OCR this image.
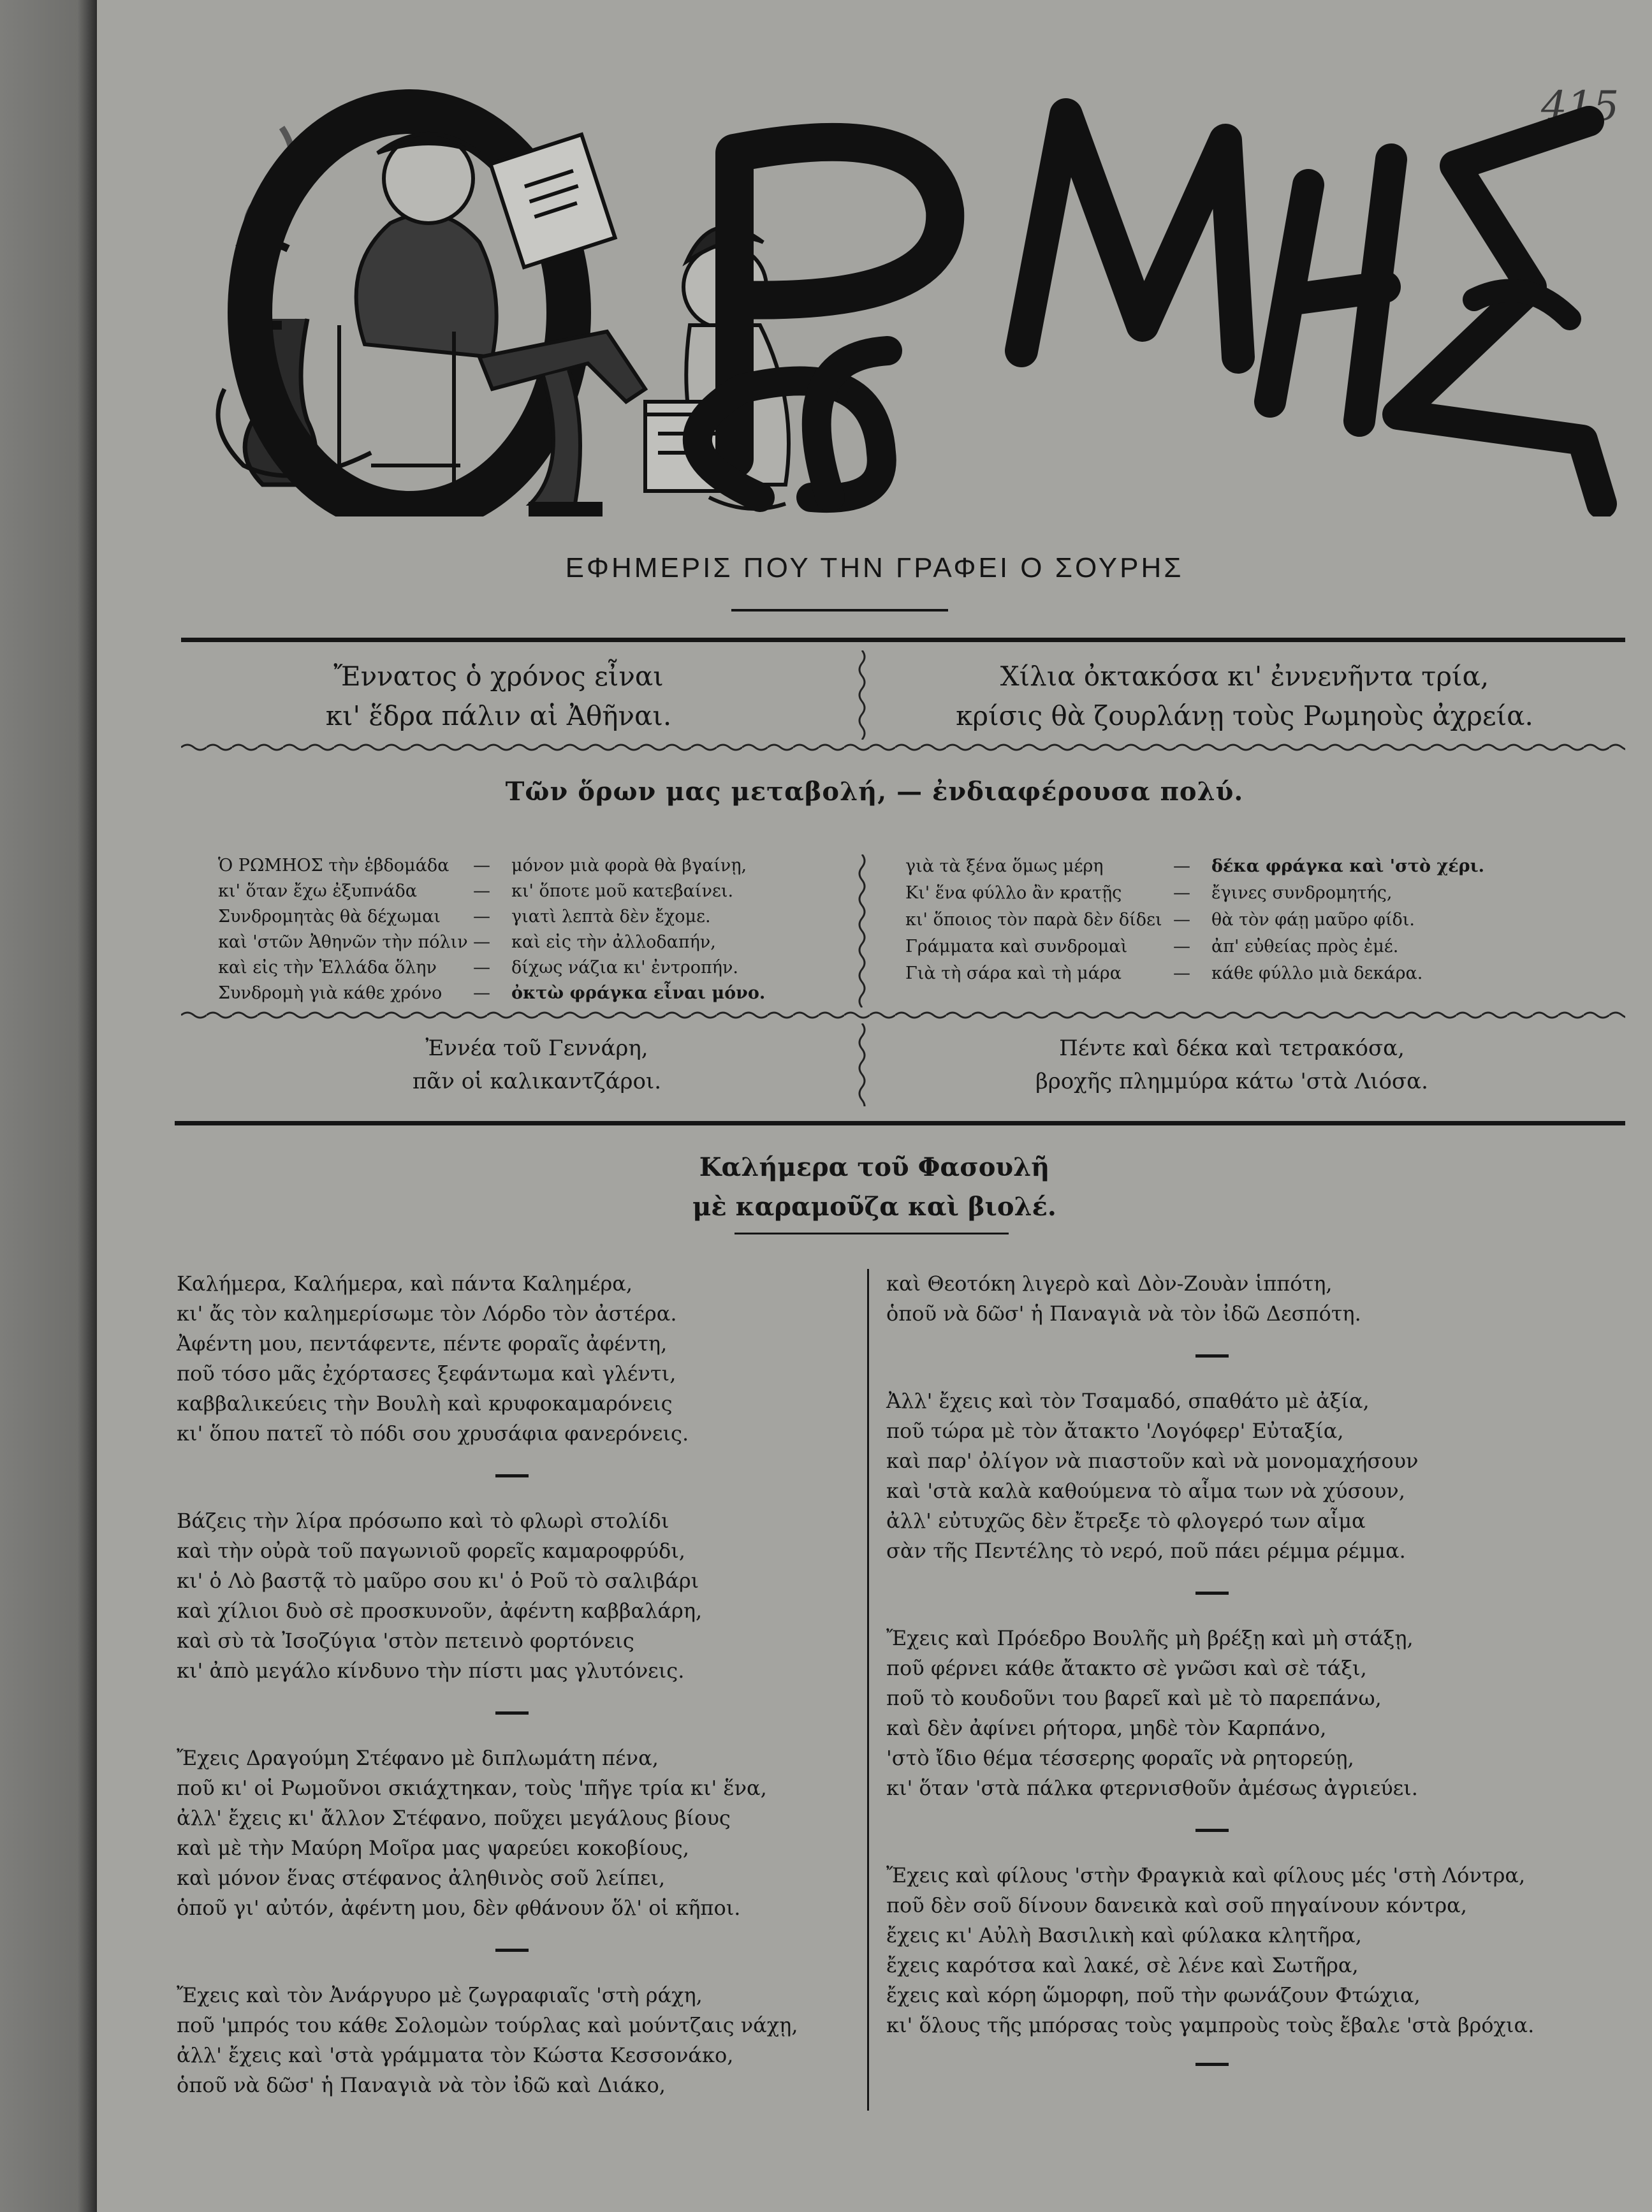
415
ΕΦΗΜΕΡΙΣ ΠΟΥ ΤΗΝ ΓΡΑΦΕΙ Ο ΣΟΥΡΗΣ
Ἔννατος ὁ χρόνος εἶναι
κι' ἕδρα πάλιν αἱ Ἀθῆναι.
Χίλια ὀκτακόσα κι' ἐννενῆντα τρία,
κρίσις θὰ ζουρλάνῃ τοὺς Ρωμηοὺς ἀχρεία.
Τῶν ὅρων μας μεταβολή, — ἐνδιαφέρουσα πολύ.
Ὁ ΡΩΜΗΟΣ τὴν ἑβδομάδα	—	μόνον μιὰ φορὰ θὰ βγαίνῃ,
κι' ὅταν ἔχω ἐξυπνάδα	—	κι' ὅποτε μοῦ κατεβαίνει.
Συνδρομητὰς θὰ δέχωμαι	—	γιατὶ λεπτὰ δὲν ἔχομε.
καὶ 'στῶν Ἀθηνῶν τὴν πόλιν —	καὶ εἰς τὴν ἀλλοδαπήν,
καὶ εἰς τὴν Ἑλλάδα ὅλην	—	δίχως νάζια κι' ἐντροπήν.
Συνδρομὴ γιὰ κάθε χρόνο	—	ὀκτὼ φράγκα εἶναι μόνο.
γιὰ τὰ ξένα ὅμως μέρη	—	δέκα φράγκα καὶ 'στὸ χέρι.
Κι' ἕνα φύλλο ἂν κρατῇς	—	ἔγινες συνδρομητής,
κι' ὅποιος τὸν παρὰ δὲν δίδει —	θὰ τὸν φάῃ μαῦρο φίδι.
Γράμματα καὶ συνδρομαὶ	—	ἀπ' εὐθείας πρὸς ἐμέ.
Γιὰ τὴ σάρα καὶ τὴ μάρα	—	κάθε φύλλο μιὰ δεκάρα.
Ἐννέα τοῦ Γεννάρη,
πᾶν οἱ καλικαντζάροι.
Πέντε καὶ δέκα καὶ τετρακόσα,
βροχῆς πλημμύρα κάτω 'στὰ Λιόσα.
Καλήμερα τοῦ Φασουλῆ
μὲ καραμοῦζα καὶ βιολέ.

Καλήμερα, Καλήμερα, καὶ πάντα Καλημέρα,

κι' ἄς τὸν καλημερίσωμε τὸν Λόρδο τὸν ἀστέρα.

Ἀφέντη μου, πεντάφεντε, πέντε φοραῖς ἀφέντη,

ποῦ τόσο μᾶς ἐχόρτασες ξεφάντωμα καὶ γλέντι,

καββαλικεύεις τὴν Βουλὴ καὶ κρυφοκαμαρόνεις

κι' ὅπου πατεῖ τὸ πόδι σου χρυσάφια φανερόνεις.

Βάζεις τὴν λίρα πρόσωπο καὶ τὸ φλωρὶ στολίδι

καὶ τὴν οὐρὰ τοῦ παγωνιοῦ φορεῖς καμαροφρύδι,

κι' ὁ Λὸ βαστᾷ τὸ μαῦρο σου κι' ὁ Ροῦ τὸ σαλιβάρι

καὶ χίλιοι δυὸ σὲ προσκυνοῦν, ἀφέντη καββαλάρη,

καὶ σὺ τὰ Ἰσοζύγια 'στὸν πετεινὸ φορτόνεις

κι' ἀπὸ μεγάλο κίνδυνο τὴν πίστι μας γλυτόνεις.

Ἔχεις Δραγούμη Στέφανο μὲ διπλωμάτη πένα,

ποῦ κι' οἱ Ρωμοῦνοι σκιάχτηκαν, τοὺς 'πῆγε τρία κι' ἕνα,

ἀλλ' ἔχεις κι' ἄλλον Στέφανο, ποῦχει μεγάλους βίους

καὶ μὲ τὴν Μαύρη Μοῖρα μας ψαρεύει κοκοβίους,

καὶ μόνον ἕνας στέφανος ἀληθινὸς σοῦ λείπει,

ὁποῦ γι' αὐτόν, ἀφέντη μου, δὲν φθάνουν ὅλ' οἱ κῆποι.

Ἔχεις καὶ τὸν Ἀνάργυρο μὲ ζωγραφιαῖς 'στὴ ράχη,

ποῦ 'μπρός του κάθε Σολομὼν τούρλας καὶ μούντζαις νάχῃ,

ἀλλ' ἔχεις καὶ 'στὰ γράμματα τὸν Κώστα Κεσσονάκο,

ὁποῦ νὰ δῶσ' ἡ Παναγιὰ νὰ τὸν ἰδῶ καὶ Διάκο,

καὶ Θεοτόκη λιγερὸ καὶ Δὸν-Ζουὰν ἱππότη,

ὁποῦ νὰ δῶσ' ἡ Παναγιὰ νὰ τὸν ἰδῶ Δεσπότη.

Ἀλλ' ἔχεις καὶ τὸν Τσαμαδό, σπαθάτο μὲ ἀξία,

ποῦ τώρα μὲ τὸν ἄτακτο 'Λογόφερ' Εὐταξία,

καὶ παρ' ὀλίγον νὰ πιαστοῦν καὶ νὰ μονομαχήσουν

καὶ 'στὰ καλὰ καθούμενα τὸ αἷμα των νὰ χύσουν,

ἀλλ' εὐτυχῶς δὲν ἔτρεξε τὸ φλογερό των αἷμα

σὰν τῆς Πεντέλης τὸ νερό, ποῦ πάει ρέμμα ρέμμα.

Ἔχεις καὶ Πρόεδρο Βουλῆς μὴ βρέξῃ καὶ μὴ στάξῃ,

ποῦ φέρνει κάθε ἄτακτο σὲ γνῶσι καὶ σὲ τάξι,

ποῦ τὸ κουδοῦνι του βαρεῖ καὶ μὲ τὸ παρεπάνω,

καὶ δὲν ἀφίνει ρήτορα, μηδὲ τὸν Καρπάνο,

'στὸ ἴδιο θέμα τέσσερης φοραῖς νὰ ρητορεύῃ,

κι' ὅταν 'στὰ πάλκα φτερνισθοῦν ἀμέσως ἀγριεύει.

Ἔχεις καὶ φίλους 'στὴν Φραγκιὰ καὶ φίλους μές 'στὴ Λόντρα,

ποῦ δὲν σοῦ δίνουν δανεικὰ καὶ σοῦ πηγαίνουν κόντρα,

ἔχεις κι' Αὐλὴ Βασιλικὴ καὶ φύλακα κλητῆρα,

ἔχεις καρότσα καὶ λακέ, σὲ λένε καὶ Σωτῆρα,

ἔχεις καὶ κόρη ὥμορφη, ποῦ τὴν φωνάζουν Φτώχια,

κι' ὅλους τῆς μπόρσας τοὺς γαμπροὺς τοὺς ἔβαλε 'στὰ βρόχια.
